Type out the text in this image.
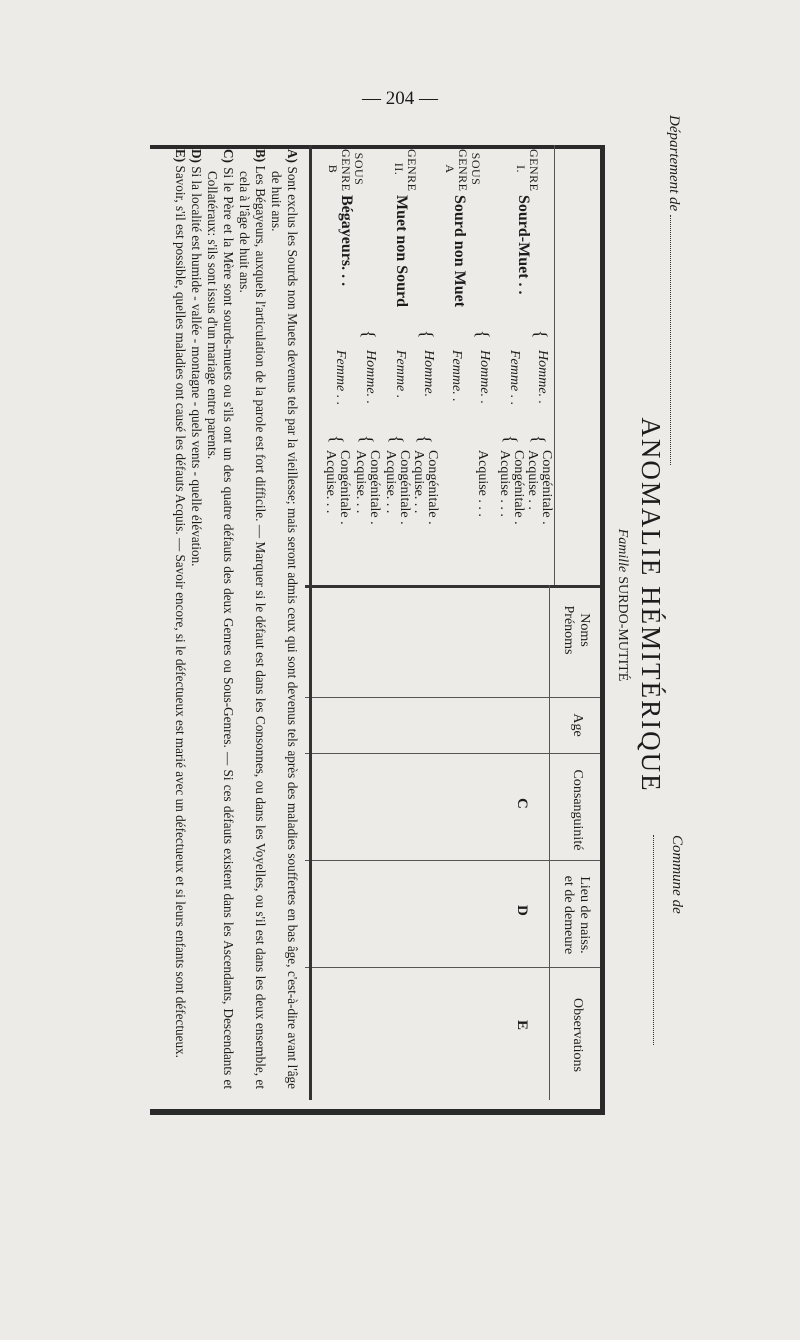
— 204 —
Département de
Commune de
ANOMALIE HÉMITÉRIQUE
FamilleSURDO-MUTITÉ
Noms
Prénoms
Age
Consanguinité
Lieu de naiss.
et de demeure
Observations
C
D
E
GENRE
I.
Sourd-Muet . .
SOUS
GENRE
A
Sourd non Muet
GENRE
II.
Muet non Sourd
SOUS
GENRE
B
Bégayeurs. . .
Homme. .
Femme . .
Homme. .
Femme. .
Homme.
Femme .
Homme. .
Femme . .
{
{
{
{
{
{
{
{
{
{
Congénitale .
Acquise . .
Congénitale .
Acquise . . .
Acquise . . .
Congénitale .
Acquise. . .
Congénitale .
Acquise. . .
Congénitale .
Acquise. . .
Congénitale .
Acquise. . .

A) Sont exclus les Sourds non Muets devenus tels par la vieillesse; mais seront admis ceux qui sont devenus tels après des maladies souffertes en bas âge, c'est-à-dire avant l'âge de huit ans.

B) Les Bégayeurs, auxquels l'articulation de la parole est fort difficile. — Marquer si le défaut est dans les Consonnes, ou dans les Voyelles, ou s'il est dans les deux ensemble, et cela à l'âge de huit ans.

C) Si le Père et la Mère sont sourds-muets ou s'ils ont un des quatre défauts des deux Genres ou Sous-Genres. — Si ces défauts existent dans les Ascendants, Descendants et Collatéraux: s'ils sont issus d'un mariage entre parents.

D) Si la localité est humide - vallée - montagne - quels vents - quelle élévation.

E) Savoir, s'il est possible, quelles maladies ont causé les défauts Acquis. — Savoir encore, si le défectueux est marié avec un défectueux et si leurs enfants sont défectueux.
